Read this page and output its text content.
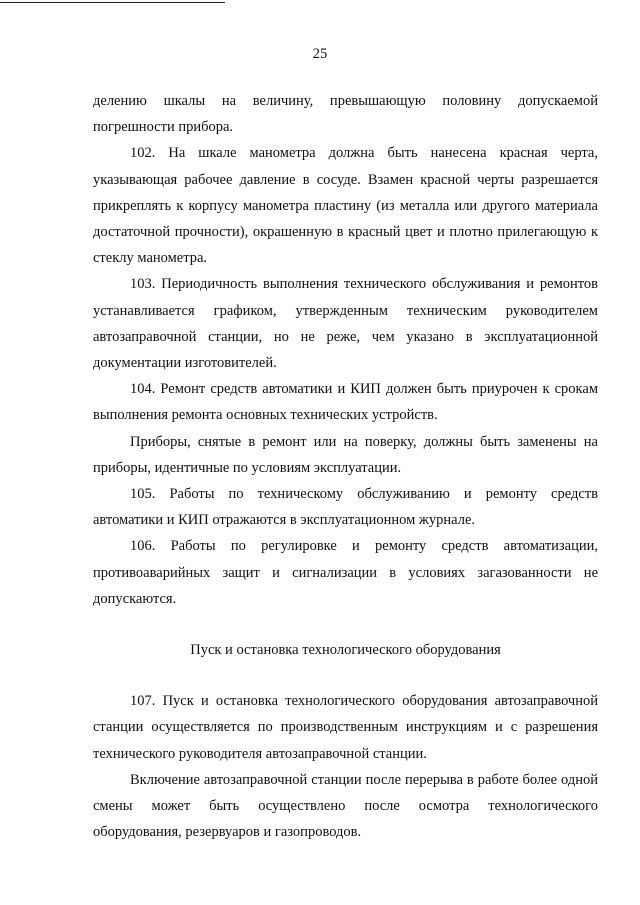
25

делению шкалы на величину, превышающую половину допускаемой погрешности прибора.

102. На шкале манометра должна быть нанесена красная черта, указывающая рабочее давление в сосуде. Взамен красной черты разрешается прикреплять к корпусу манометра пластину (из металла или другого материала достаточной прочности), окрашенную в красный цвет и плотно прилегающую к стеклу манометра.

103. Периодичность выполнения технического обслуживания и ремонтов устанавливается графиком, утвержденным техническим руководителем автозаправочной станции, но не реже, чем указано в эксплуатационной документации изготовителей.

104. Ремонт средств автоматики и КИП должен быть приурочен к срокам выполнения ремонта основных технических устройств.

Приборы, снятые в ремонт или на поверку, должны быть заменены на приборы, идентичные по условиям эксплуатации.

105. Работы по техническому обслуживанию и ремонту средств автоматики и КИП отражаются в эксплуатационном журнале.

106. Работы по регулировке и ремонту средств автоматизации, противоаварийных защит и сигнализации в условиях загазованности не допускаются.

Пуск и остановка технологического оборудования

107. Пуск и остановка технологического оборудования автозаправочной станции осуществляется по производственным инструкциям и с разрешения технического руководителя автозаправочной станции.

Включение автозаправочной станции после перерыва в работе более одной смены может быть осуществлено после осмотра технологического оборудования, резервуаров и газопроводов.
